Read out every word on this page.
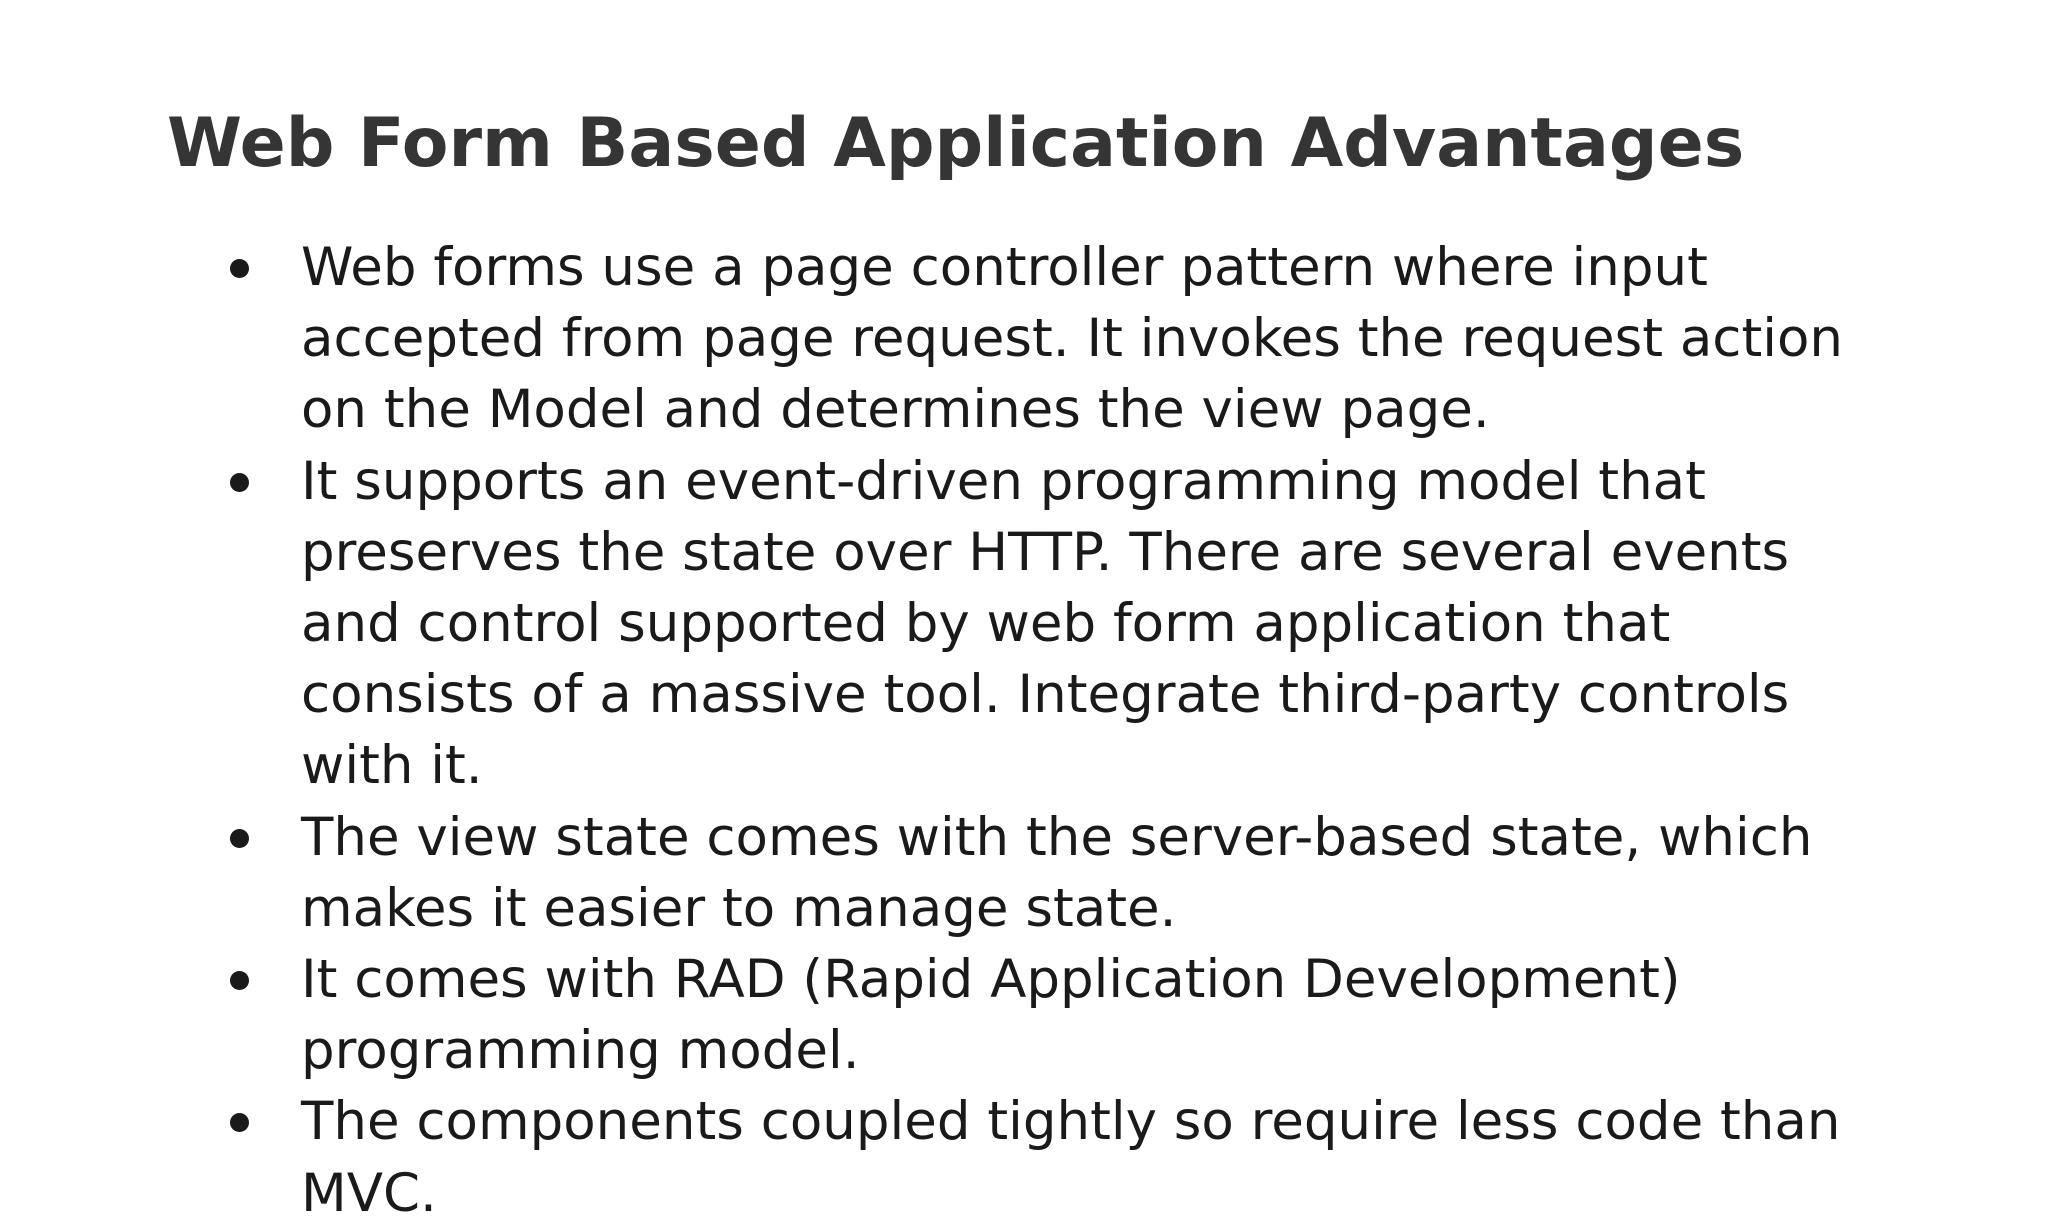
Web Form Based Application Advantages
Web forms use a page controller pattern where input accepted from page request. It invokes the request action on the Model and determines the view page.
It supports an event-driven programming model that preserves the state over HTTP. There are several events and control supported by web form application that consists of a massive tool. Integrate third-party controls with it.
The view state comes with the server-based state, which makes it easier to manage state.
It comes with RAD (Rapid Application Development) programming model.
The components coupled tightly so require less code than MVC.
